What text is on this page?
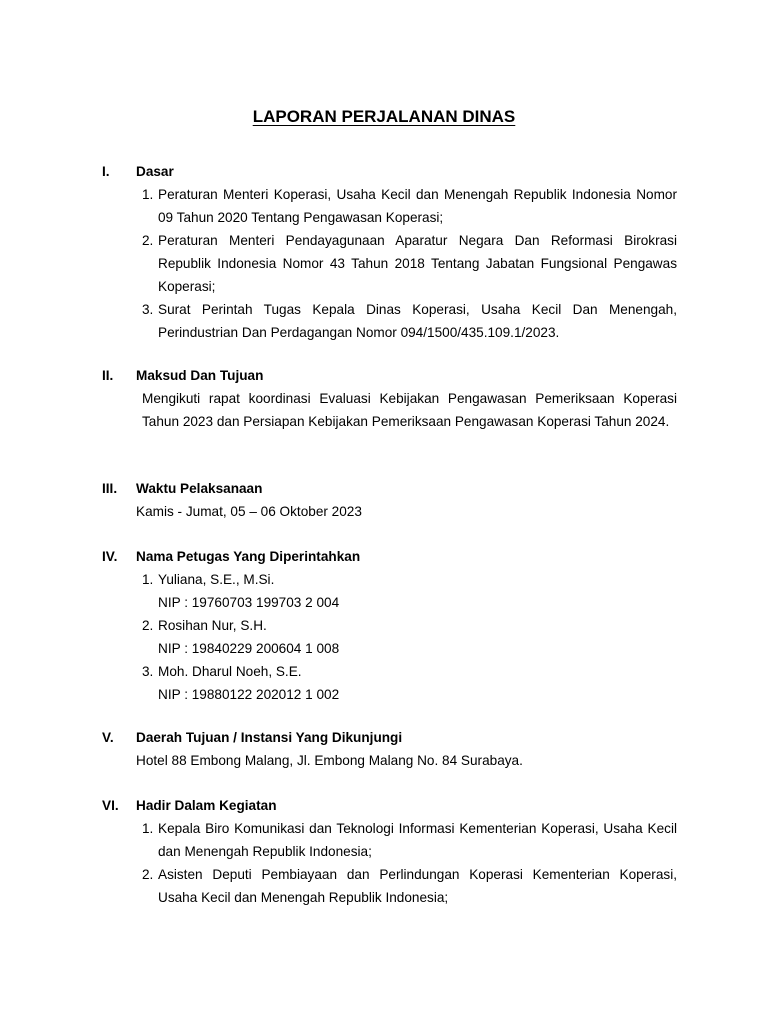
LAPORAN PERJALANAN DINAS
I. Dasar
1. Peraturan Menteri Koperasi, Usaha Kecil dan Menengah Republik Indonesia Nomor 09 Tahun 2020 Tentang Pengawasan Koperasi;
2. Peraturan Menteri Pendayagunaan Aparatur Negara Dan Reformasi Birokrasi Republik Indonesia Nomor 43 Tahun 2018 Tentang Jabatan Fungsional Pengawas Koperasi;
3. Surat Perintah Tugas Kepala Dinas Koperasi, Usaha Kecil Dan Menengah, Perindustrian Dan Perdagangan Nomor 094/1500/435.109.1/2023.
II. Maksud Dan Tujuan
Mengikuti rapat koordinasi Evaluasi Kebijakan Pengawasan Pemeriksaan Koperasi Tahun 2023 dan Persiapan Kebijakan Pemeriksaan Pengawasan Koperasi Tahun 2024.
III. Waktu Pelaksanaan
Kamis - Jumat, 05 – 06 Oktober 2023
IV. Nama Petugas Yang Diperintahkan
1. Yuliana, S.E., M.Si.
NIP : 19760703 199703 2 004
2. Rosihan Nur, S.H.
NIP : 19840229 200604 1 008
3. Moh. Dharul Noeh, S.E.
NIP : 19880122 202012 1 002
V. Daerah Tujuan / Instansi Yang Dikunjungi
Hotel 88 Embong Malang, Jl. Embong Malang No. 84 Surabaya.
VI. Hadir Dalam Kegiatan
1. Kepala Biro Komunikasi dan Teknologi Informasi Kementerian Koperasi, Usaha Kecil dan Menengah Republik Indonesia;
2. Asisten Deputi Pembiayaan dan Perlindungan Koperasi Kementerian Koperasi, Usaha Kecil dan Menengah Republik Indonesia;
